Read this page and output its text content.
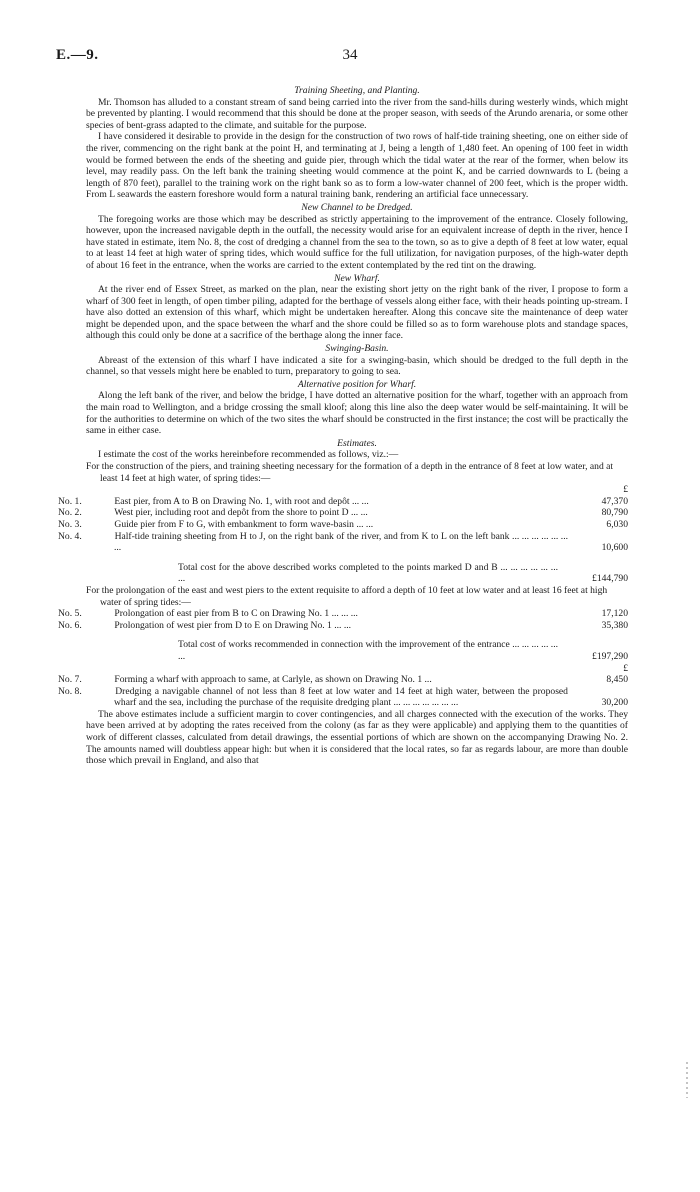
E.—9.	34
Training Sheeting, and Planting.

Mr. Thomson has alluded to a constant stream of sand being carried into the river from the sand-hills during westerly winds, which might be prevented by planting. I would recommend that this should be done at the proper season, with seeds of the Arundo arenaria, or some other species of bent-grass adapted to the climate, and suitable for the purpose.

I have considered it desirable to provide in the design for the construction of two rows of half-tide training sheeting, one on either side of the river, commencing on the right bank at the point H, and terminating at J, being a length of 1,480 feet. An opening of 100 feet in width would be formed between the ends of the sheeting and guide pier, through which the tidal water at the rear of the former, when below its level, may readily pass. On the left bank the training sheeting would commence at the point K, and be carried downwards to L (being a length of 870 feet), parallel to the training work on the right bank so as to form a low-water channel of 200 feet, which is the proper width. From L seawards the eastern foreshore would form a natural training bank, rendering an artificial face unnecessary.

New Channel to be Dredged.

The foregoing works are those which may be described as strictly appertaining to the improvement of the entrance. Closely following, however, upon the increased navigable depth in the outfall, the necessity would arise for an equivalent increase of depth in the river, hence I have stated in estimate, item No. 8, the cost of dredging a channel from the sea to the town, so as to give a depth of 8 feet at low water, equal to at least 14 feet at high water of spring tides, which would suffice for the full utilization, for navigation purposes, of the high-water depth of about 16 feet in the entrance, when the works are carried to the extent contemplated by the red tint on the drawing.

New Wharf.

At the river end of Essex Street, as marked on the plan, near the existing short jetty on the right bank of the river, I propose to form a wharf of 300 feet in length, of open timber piling, adapted for the berthage of vessels along either face, with their heads pointing up-stream. I have also dotted an extension of this wharf, which might be undertaken hereafter. Along this concave site the maintenance of deep water might be depended upon, and the space between the wharf and the shore could be filled so as to form warehouse plots and standage spaces, although this could only be done at a sacrifice of the berthage along the inner face.

Swinging-Basin.

Abreast of the extension of this wharf I have indicated a site for a swinging-basin, which should be dredged to the full depth in the channel, so that vessels might here be enabled to turn, preparatory to going to sea.

Alternative position for Wharf.

Along the left bank of the river, and below the bridge, I have dotted an alternative position for the wharf, together with an approach from the main road to Wellington, and a bridge crossing the small kloof; along this line also the deep water would be self-maintaining. It will be for the authorities to determine on which of the two sites the wharf should be constructed in the first instance; the cost will be practically the same in either case.

Estimates.

I estimate the cost of the works hereinbefore recommended as follows, viz.:—

For the construction of the piers, and training sheeting necessary for the formation of a depth in the entrance of 8 feet at low water, and at least 14 feet at high water, of spring tides:—
£
No. 1.	East pier, from A to B on Drawing No. 1, with root and depôt ... ...	47,370
No. 2.	West pier, including root and depôt from the shore to point D ... ...	80,790
No. 3.	Guide pier from F to G, with embankment to form wave-basin ... ...	6,030
No. 4.	Half-tide training sheeting from H to J, on the right bank of the river, and from K to L on the left bank ... ... ... ... ... ... ...	10,600
Total cost for the above described works completed to the points marked D and B ... ... ... ... ... ... ...	£144,790
For the prolongation of the east and west piers to the extent requisite to afford a depth of 10 feet at low water and at least 16 feet at high water of spring tides:—
No. 5.	Prolongation of east pier from B to C on Drawing No. 1 ... ... ...	17,120
No. 6.	Prolongation of west pier from D to E on Drawing No. 1 ... ...	35,380
Total cost of works recommended in connection with the improvement of the entrance ... ... ... ... ... ...	£197,290
£
No. 7.	Forming a wharf with approach to same, at Carlyle, as shown on Drawing No. 1 ...	8,450
No. 8.	Dredging a navigable channel of not less than 8 feet at low water and 14 feet at high water, between the proposed wharf and the sea, including the purchase of the requisite dredging plant ... ... ... ... ... ... ...	30,200

The above estimates include a sufficient margin to cover contingencies, and all charges connected with the execution of the works. They have been arrived at by adopting the rates received from the colony (as far as they were applicable) and applying them to the quantities of work of different classes, calculated from detail drawings, the essential portions of which are shown on the accompanying Drawing No. 2. The amounts named will doubtless appear high: but when it is considered that the local rates, so far as regards labour, are more than double those which prevail in England, and also that
